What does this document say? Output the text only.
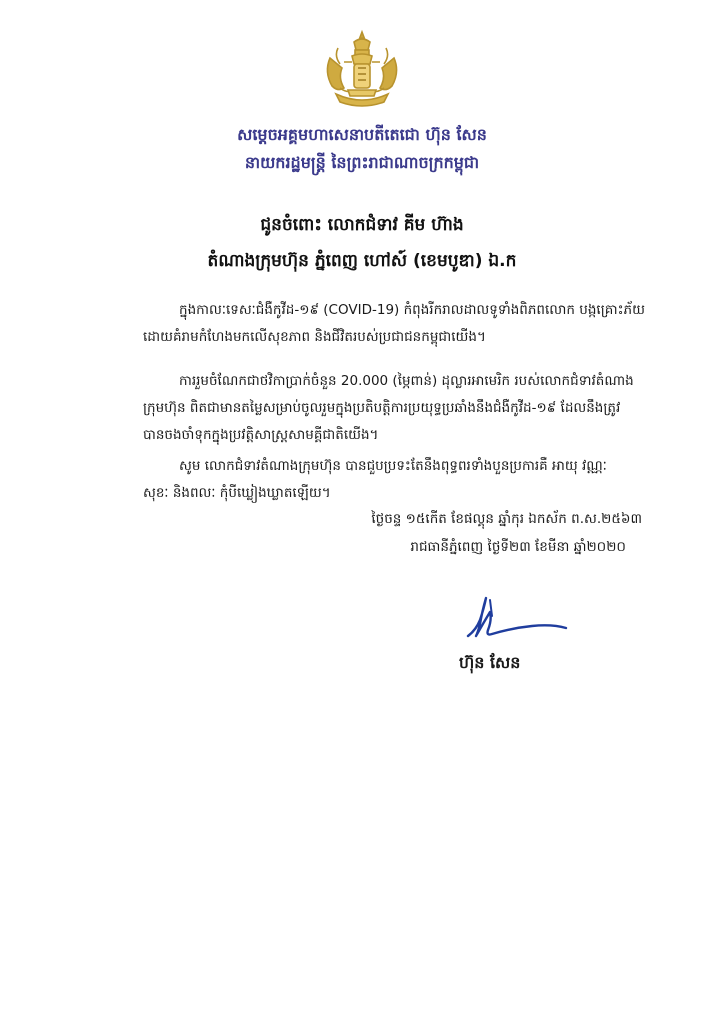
សម្ដេចអគ្គមហាសេនាបតីតេជោ ហ៊ុន សែន
នាយករដ្ឋមន្ត្រី នៃព្រះរាជាណាចក្រកម្ពុជា
ជូនចំពោះ លោកជំទាវ គីម ហ៊ាង
តំណាងក្រុមហ៊ុន ភ្នំពេញ ហៅស៍ (ខេមបូឌា) ឯ.ក
ក្នុងកាលៈទេសៈជំងឺកូវីដ-១៩ (COVID-19) កំពុងរីករាលដាលទូទាំងពិភពលោក បង្កគ្រោះភ័យ
ដោយគំរាមកំហែងមកលើសុខភាព និងជីវិតរបស់ប្រជាជនកម្ពុជាយើង។
ការរួមចំណែកជាថវិកាប្រាក់ចំនួន 20.000 (ម្ភៃពាន់) ដុល្លារអាមេរិក របស់លោកជំទាវតំណាង
ក្រុមហ៊ុន ពិតជាមានតម្លៃសម្រាប់ចូលរួមក្នុងប្រតិបត្តិការប្រយុទ្ធប្រឆាំងនឹងជំងឺកូវីដ-១៩ ដែលនឹងត្រូវ
បានចងចាំទុកក្នុងប្រវត្តិសាស្ត្រសាមគ្គីជាតិយើង។
សូម លោកជំទាវតំណាងក្រុមហ៊ុន បានជួបប្រទះតែនឹងពុទ្ធពរទាំងបួនប្រការគឺ អាយុ វណ្ណៈ
សុខៈ និងពលៈ កុំបីឃ្លៀងឃ្លាតឡើយ។
ថ្ងៃចន្ទ ១៥កើត ខែផល្គុន ឆ្នាំកុរ ឯកស័ក ព.ស.២៥៦៣
រាជធានីភ្នំពេញ ថ្ងៃទី២៣ ខែមីនា ឆ្នាំ២០២០
ហ៊ុន សែន
